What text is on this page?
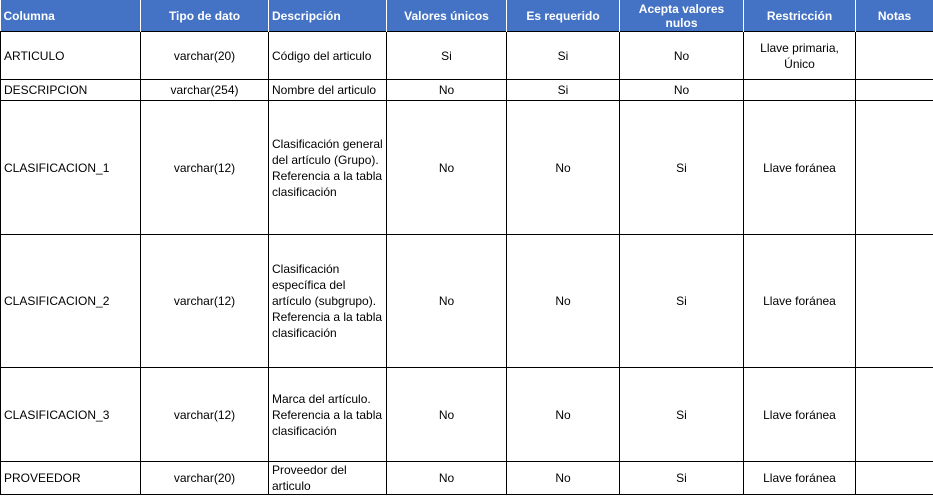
Columna	Tipo de dato	Descripción	Valores únicos	Es requerido	Acepta valores nulos	Restricción	Notas
ARTICULO	varchar(20)	Código del articulo	Si	Si	No	Llave primaria, Único	
DESCRIPCION	varchar(254)	Nombre del articulo	No	Si	No		
CLASIFICACION_1	varchar(12)	Clasificación general del artículo (Grupo). Referencia a la tabla clasificación	No	No	Si	Llave foránea	
CLASIFICACION_2	varchar(12)	Clasificación específica del artículo (subgrupo). Referencia a la tabla clasificación	No	No	Si	Llave foránea	
CLASIFICACION_3	varchar(12)	Marca del artículo. Referencia a la tabla clasificación	No	No	Si	Llave foránea	
PROVEEDOR	varchar(20)	Proveedor del articulo	No	No	Si	Llave foránea	
